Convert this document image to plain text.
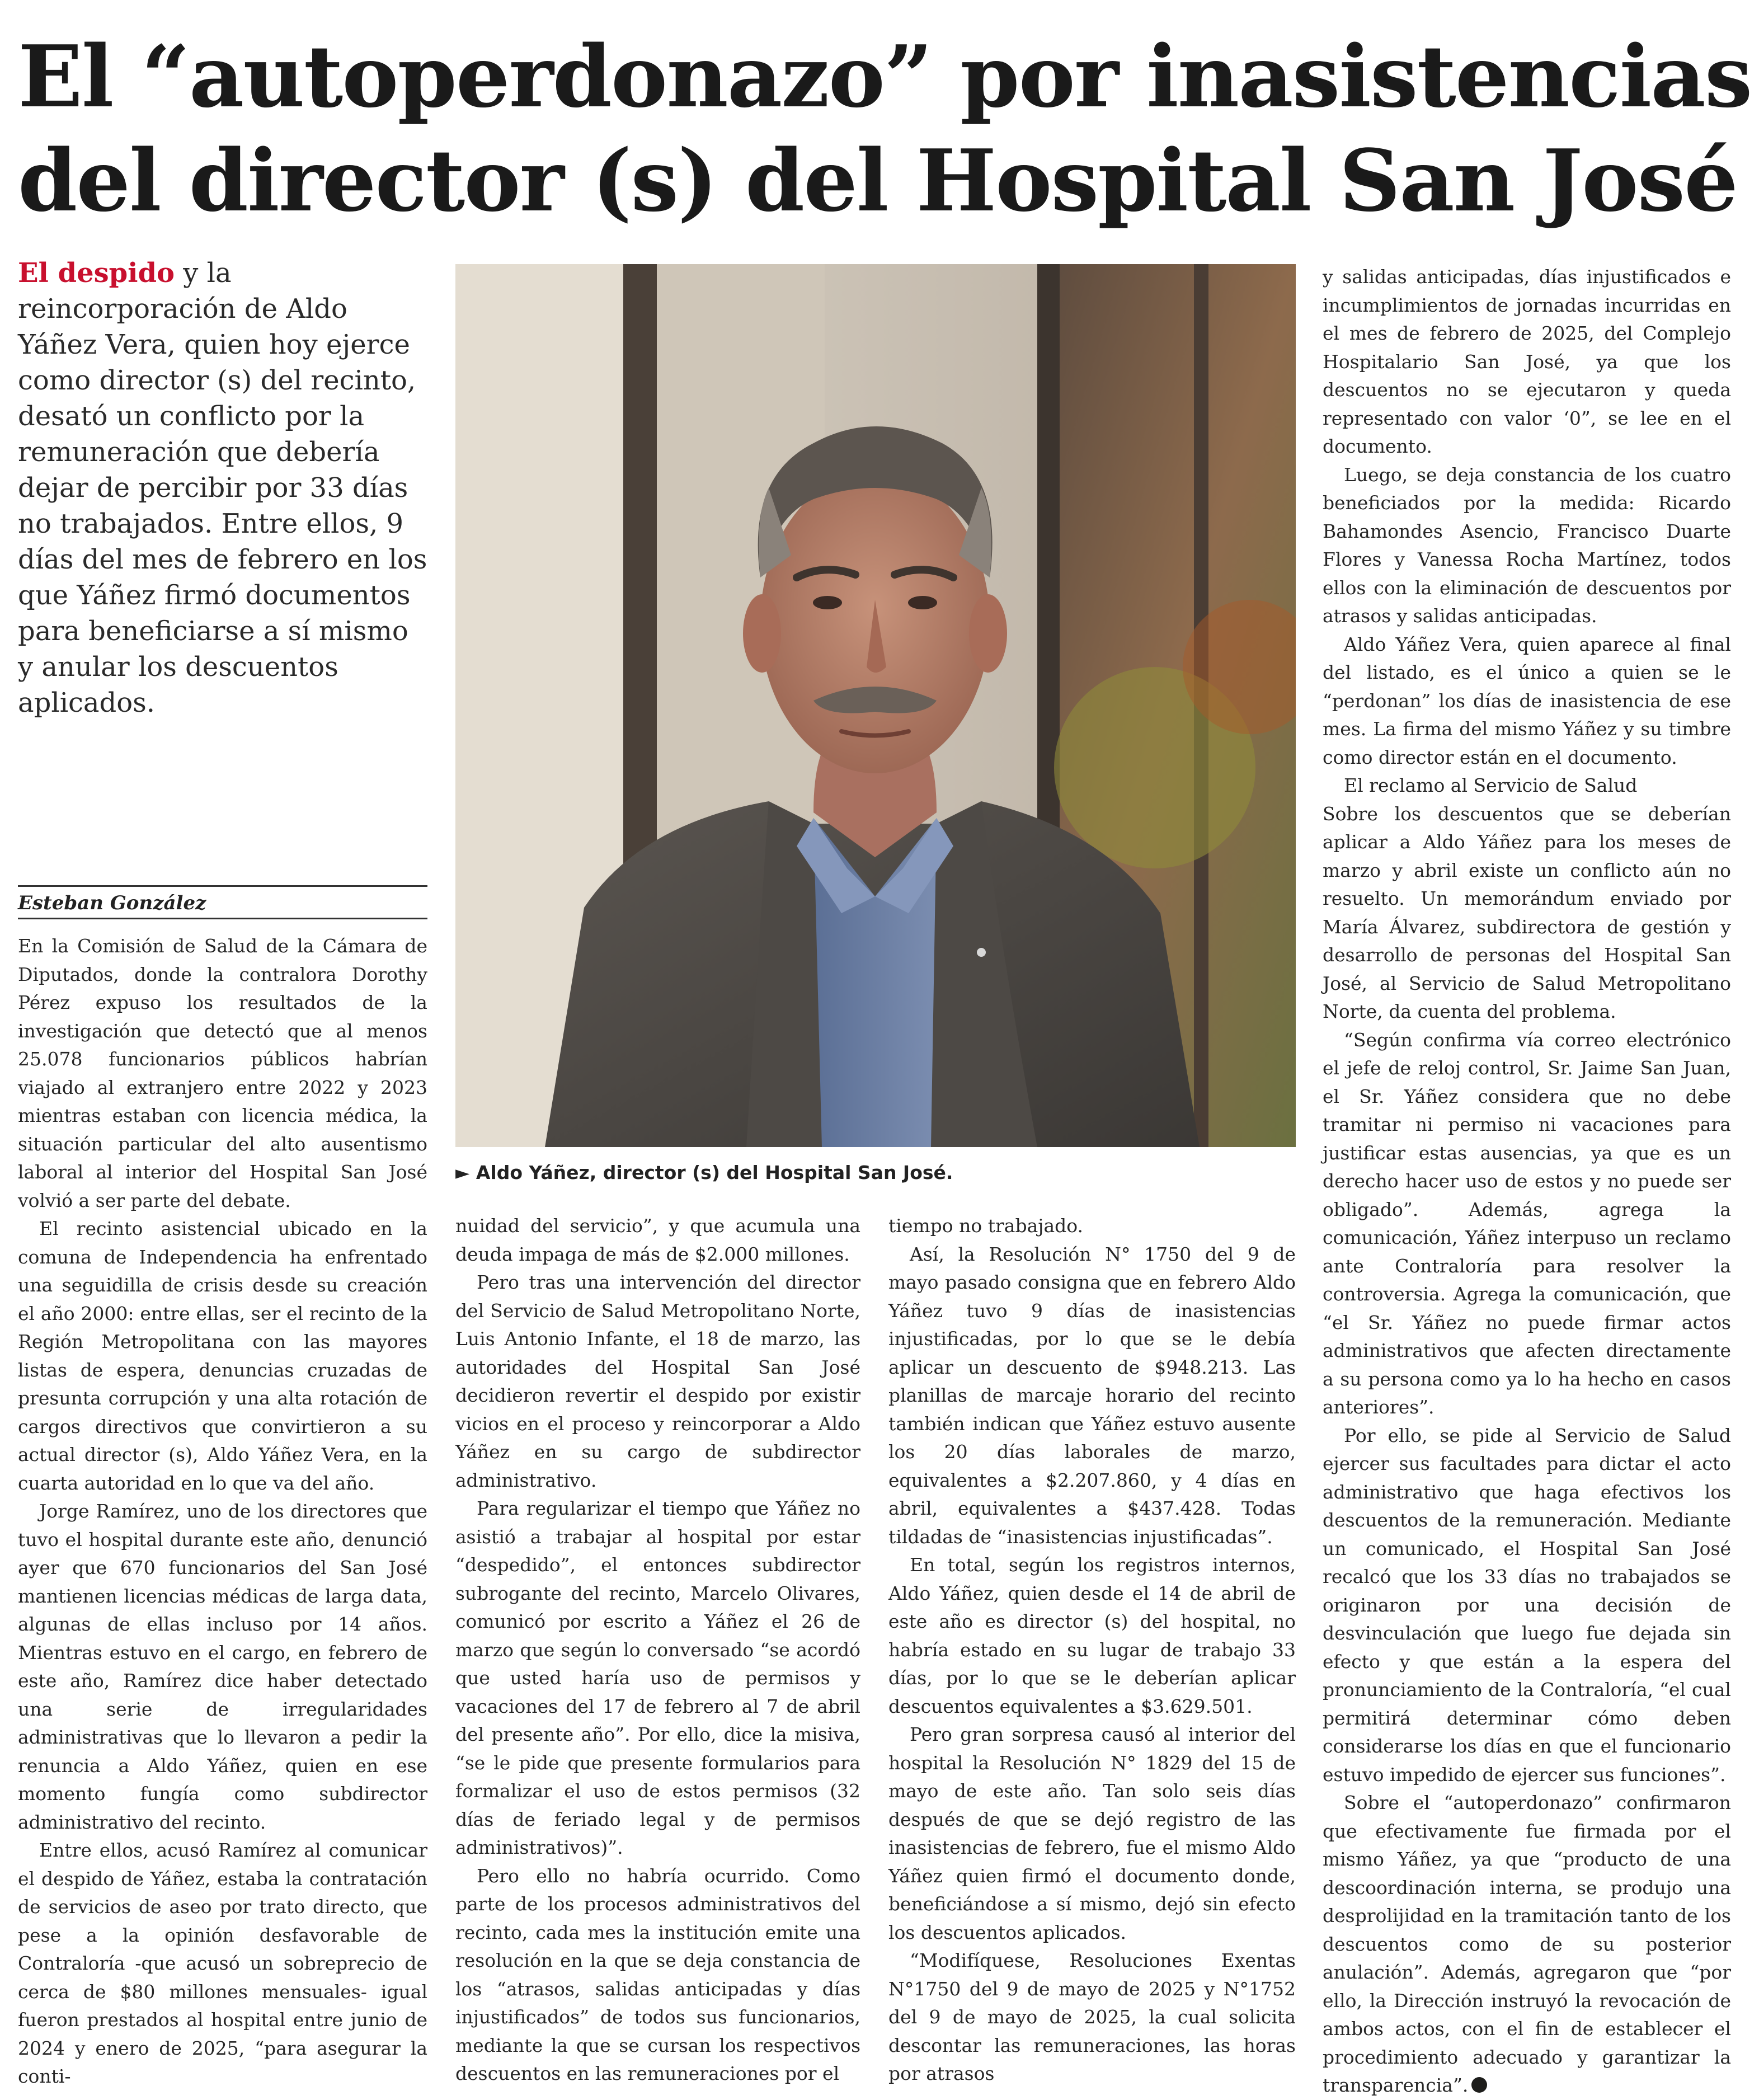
El “autoperdonazo” por inasistencias
del director (s) del Hospital San José

El despido y la reincorporación de Aldo Yáñez Vera, quien hoy ejerce como director (s) del recinto, desató un conflicto por la remuneración que debería dejar de percibir por 33 días no trabajados. Entre ellos, 9 días del mes de febrero en los que Yáñez firmó documentos para beneficiarse a sí mismo y anular los descuentos aplicados.

Esteban González
► Aldo Yáñez, director (s) del Hospital San José.

En la Comisión de Salud de la Cámara de Diputados, donde la contralora Dorothy Pérez expuso los resultados de la investigación que detectó que al menos 25.078 funcionarios públicos habrían viajado al extranjero entre 2022 y 2023 mientras estaban con licencia médica, la situación particular del alto ausentismo laboral al interior del Hospital San José volvió a ser parte del debate.

El recinto asistencial ubicado en la comuna de Independencia ha enfrentado una seguidilla de crisis desde su creación el año 2000: entre ellas, ser el recinto de la Región Metropolitana con las mayores listas de espera, denuncias cruzadas de presunta corrupción y una alta rotación de cargos directivos que convirtieron a su actual director (s), Aldo Yáñez Vera, en la cuarta autoridad en lo que va del año.

Jorge Ramírez, uno de los directores que tuvo el hospital durante este año, denunció ayer que 670 funcionarios del San José mantienen licencias médicas de larga data, algunas de ellas incluso por 14 años. Mientras estuvo en el cargo, en febrero de este año, Ramírez dice haber detectado una serie de irregularidades administrativas que lo llevaron a pedir la renuncia a Aldo Yáñez, quien en ese momento fungía como subdirector administrativo del recinto.

Entre ellos, acusó Ramírez al comunicar el despido de Yáñez, estaba la contratación de servicios de aseo por trato directo, que pese a la opinión desfavorable de Contraloría -que acusó un sobreprecio de cerca de $80 millones mensuales- igual fueron prestados al hospital entre junio de 2024 y enero de 2025, “para asegurar la conti-

nuidad del servicio”, y que acumula una deuda impaga de más de $2.000 millones.

Pero tras una intervención del director del Servicio de Salud Metropolitano Norte, Luis Antonio Infante, el 18 de marzo, las autoridades del Hospital San José decidieron revertir el despido por existir vicios en el proceso y reincorporar a Aldo Yáñez en su cargo de subdirector administrativo.

Para regularizar el tiempo que Yáñez no asistió a trabajar al hospital por estar “despedido”, el entonces subdirector subrogante del recinto, Marcelo Olivares, comunicó por escrito a Yáñez el 26 de marzo que según lo conversado “se acordó que usted haría uso de permisos y vacaciones del 17 de febrero al 7 de abril del presente año”. Por ello, dice la misiva, “se le pide que presente formularios para formalizar el uso de estos permisos (32 días de feriado legal y de permisos administrativos)”.

Pero ello no habría ocurrido. Como parte de los procesos administrativos del recinto, cada mes la institución emite una resolución en la que se deja constancia de los “atrasos, salidas anticipadas y días injustificados” de todos sus funcionarios, mediante la que se cursan los respectivos descuentos en las remuneraciones por el

tiempo no trabajado.

Así, la Resolución N° 1750 del 9 de mayo pasado consigna que en febrero Aldo Yáñez tuvo 9 días de inasistencias injustificadas, por lo que se le debía aplicar un descuento de $948.213. Las planillas de marcaje horario del recinto también indican que Yáñez estuvo ausente los 20 días laborales de marzo, equivalentes a $2.207.860, y 4 días en abril, equivalentes a $437.428. Todas tildadas de “inasistencias injustificadas”.

En total, según los registros internos, Aldo Yáñez, quien desde el 14 de abril de este año es director (s) del hospital, no habría estado en su lugar de trabajo 33 días, por lo que se le deberían aplicar descuentos equivalentes a $3.629.501.

Pero gran sorpresa causó al interior del hospital la Resolución N° 1829 del 15 de mayo de este año. Tan solo seis días después de que se dejó registro de las inasistencias de febrero, fue el mismo Aldo Yáñez quien firmó el documento donde, beneficiándose a sí mismo, dejó sin efecto los descuentos aplicados.

“Modifíquese, Resoluciones Exentas N°1750 del 9 de mayo de 2025 y N°1752 del 9 de mayo de 2025, la cual solicita descontar las remuneraciones, las horas por atrasos

y salidas anticipadas, días injustificados e incumplimientos de jornadas incurridas en el mes de febrero de 2025, del Complejo Hospitalario San José, ya que los descuentos no se ejecutaron y queda representado con valor ‘0”, se lee en el documento.

Luego, se deja constancia de los cuatro beneficiados por la medida: Ricardo Bahamondes Asencio, Francisco Duarte Flores y Vanessa Rocha Martínez, todos ellos con la eliminación de descuentos por atrasos y salidas anticipadas.

Aldo Yáñez Vera, quien aparece al final del listado, es el único a quien se le “perdonan” los días de inasistencia de ese mes. La firma del mismo Yáñez y su timbre como director están en el documento.

El reclamo al Servicio de Salud

Sobre los descuentos que se deberían aplicar a Aldo Yáñez para los meses de marzo y abril existe un conflicto aún no resuelto. Un memorándum enviado por María Álvarez, subdirectora de gestión y desarrollo de personas del Hospital San José, al Servicio de Salud Metropolitano Norte, da cuenta del problema.

“Según confirma vía correo electrónico el jefe de reloj control, Sr. Jaime San Juan, el Sr. Yáñez considera que no debe tramitar ni permiso ni vacaciones para justificar estas ausencias, ya que es un derecho hacer uso de estos y no puede ser obligado”. Además, agrega la comunicación, Yáñez interpuso un reclamo ante Contraloría para resolver la controversia. Agrega la comunicación, que “el Sr. Yáñez no puede firmar actos administrativos que afecten directamente a su persona como ya lo ha hecho en casos anteriores”.

Por ello, se pide al Servicio de Salud ejercer sus facultades para dictar el acto administrativo que haga efectivos los descuentos de la remuneración. Mediante un comunicado, el Hospital San José recalcó que los 33 días no trabajados se originaron por una decisión de desvinculación que luego fue dejada sin efecto y que están a la espera del pronunciamiento de la Contraloría, “el cual permitirá determinar cómo deben considerarse los días en que el funcionario estuvo impedido de ejercer sus funciones”.

Sobre el “autoperdonazo” confirmaron que efectivamente fue firmada por el mismo Yáñez, ya que “producto de una descoordinación interna, se produjo una desprolijidad en la tramitación tanto de los descuentos como de su posterior anulación”. Además, agregaron que “por ello, la Dirección instruyó la revocación de ambos actos, con el fin de establecer el procedimiento adecuado y garantizar la transparencia”.
